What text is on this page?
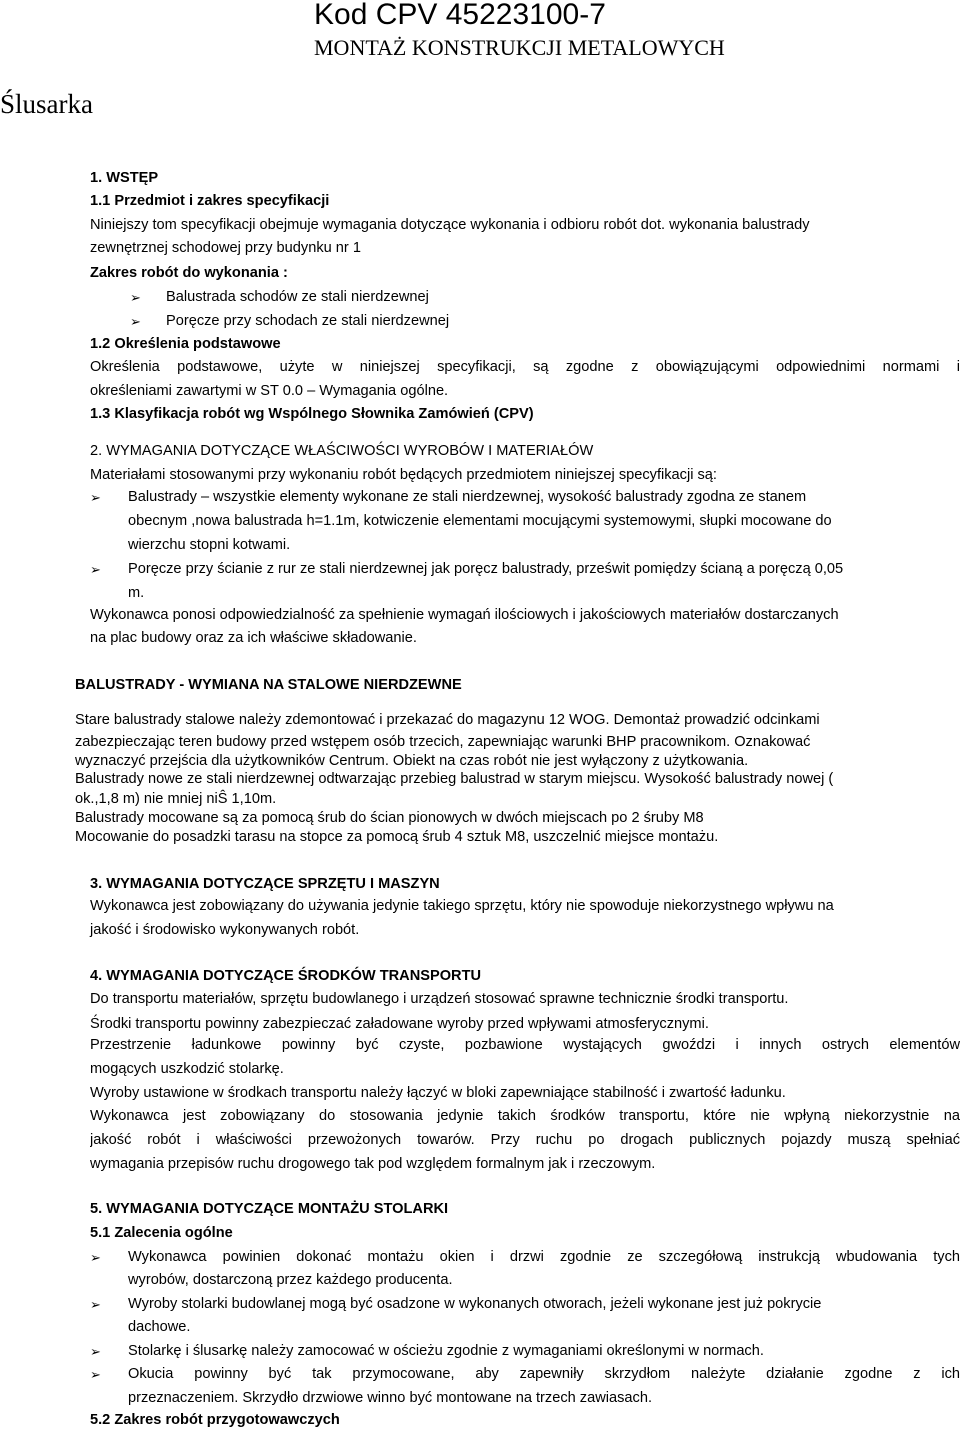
Kod CPV 45223100-7
MONTAŻ KONSTRUKCJI METALOWYCH
Ślusarka
1. WSTĘP
1.1 Przedmiot i zakres specyfikacji
Niniejszy tom specyfikacji obejmuje wymagania dotyczące wykonania i odbioru robót dot. wykonania balustrady
zewnętrznej schodowej przy budynku nr 1
Zakres robót do wykonania :
➢ Balustrada schodów ze stali nierdzewnej
➢ Poręcze przy schodach ze stali nierdzewnej
1.2 Określenia podstawowe
Określenia podstawowe, użyte w niniejszej specyfikacji, są zgodne z obowiązującymi odpowiednimi normami i
określeniami zawartymi w ST 0.0 – Wymagania ogólne.
1.3 Klasyfikacja robót wg Wspólnego Słownika Zamówień (CPV)
2. WYMAGANIA DOTYCZĄCE WŁAŚCIWOŚCI WYROBÓW I MATERIAŁÓW
Materiałami stosowanymi przy wykonaniu robót będących przedmiotem niniejszej specyfikacji są:
➢ Balustrady – wszystkie elementy wykonane ze stali nierdzewnej, wysokość balustrady zgodna ze stanem
obecnym ,nowa balustrada h=1.1m, kotwiczenie elementami mocującymi systemowymi, słupki mocowane do
wierzchu stopni kotwami.
➢ Poręcze przy ścianie z rur ze stali nierdzewnej jak poręcz balustrady, prześwit pomiędzy ścianą a poręczą 0,05
m.
Wykonawca ponosi odpowiedzialność za spełnienie wymagań ilościowych i jakościowych materiałów dostarczanych
na plac budowy oraz za ich właściwe składowanie.
BALUSTRADY - WYMIANA NA STALOWE NIERDZEWNE
Stare balustrady stalowe należy zdemontować i przekazać do magazynu 12 WOG. Demontaż prowadzić odcinkami
zabezpieczając teren budowy przed wstępem osób trzecich, zapewniając warunki BHP pracownikom. Oznakować
wyznaczyć przejścia dla użytkowników Centrum. Obiekt na czas robót nie jest wyłączony z użytkowania.
Balustrady nowe ze stali nierdzewnej odtwarzając przebieg balustrad w starym miejscu. Wysokość balustrady nowej (
ok.,1,8 m) nie mniej niŜ 1,10m.
Balustrady mocowane są za pomocą śrub do ścian pionowych w dwóch miejscach po 2 śruby M8
Mocowanie do posadzki tarasu na stopce za pomocą śrub 4 sztuk M8, uszczelnić miejsce montażu.
3. WYMAGANIA DOTYCZĄCE SPRZĘTU I MASZYN
Wykonawca jest zobowiązany do używania jedynie takiego sprzętu, który nie spowoduje niekorzystnego wpływu na
jakość i środowisko wykonywanych robót.
4. WYMAGANIA DOTYCZĄCE ŚRODKÓW TRANSPORTU
Do transportu materiałów, sprzętu budowlanego i urządzeń stosować sprawne technicznie środki transportu.
Środki transportu powinny zabezpieczać załadowane wyroby przed wpływami atmosferycznymi.
Przestrzenie ładunkowe powinny być czyste, pozbawione wystających gwoździ i innych ostrych elementów
mogących uszkodzić stolarkę.
Wyroby ustawione w środkach transportu należy łączyć w bloki zapewniające stabilność i zwartość ładunku.
Wykonawca jest zobowiązany do stosowania jedynie takich środków transportu, które nie wpłyną niekorzystnie na
jakość robót i właściwości przewożonych towarów. Przy ruchu po drogach publicznych pojazdy muszą spełniać
wymagania przepisów ruchu drogowego tak pod względem formalnym jak i rzeczowym.
5. WYMAGANIA DOTYCZĄCE MONTAŻU STOLARKI
5.1 Zalecenia ogólne
➢ Wykonawca powinien dokonać montażu okien i drzwi zgodnie ze szczegółową instrukcją wbudowania tych
wyrobów, dostarczoną przez każdego producenta.
➢ Wyroby stolarki budowlanej mogą być osadzone w wykonanych otworach, jeżeli wykonane jest już pokrycie
dachowe.
➢ Stolarkę i ślusarkę należy zamocować w ościeżu zgodnie z wymaganiami określonymi w normach.
➢ Okucia powinny być tak przymocowane, aby zapewniły skrzydłom należyte działanie zgodne z ich
przeznaczeniem. Skrzydło drzwiowe winno być montowane na trzech zawiasach.
5.2 Zakres robót przygotowawczych
